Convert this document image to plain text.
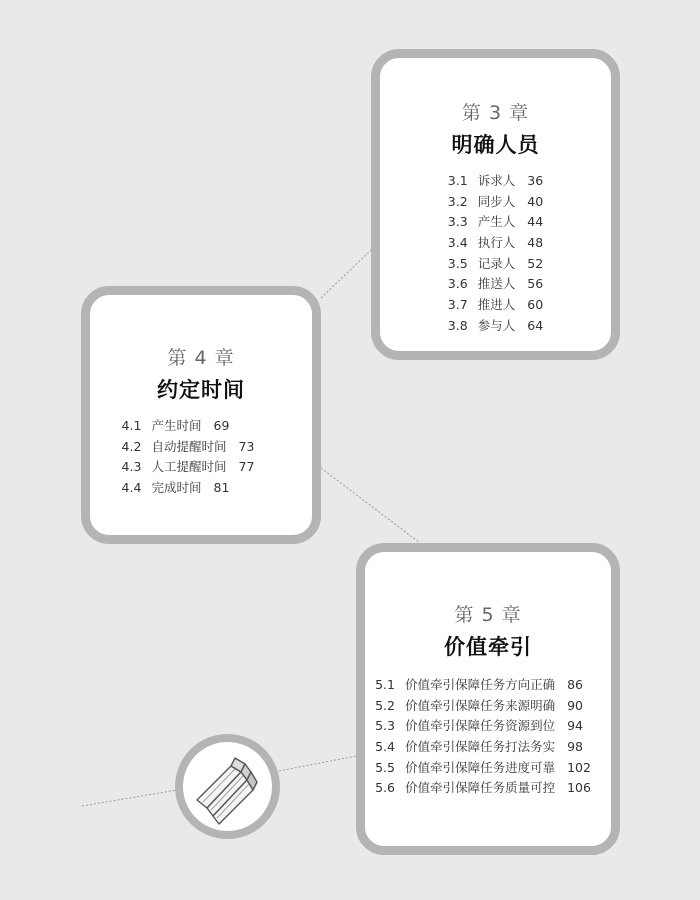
第 3 章
明确人员
3.1 诉求人 36
3.2 同步人 40
3.3 产生人 44
3.4 执行人 48
3.5 记录人 52
3.6 推送人 56
3.7 推进人 60
3.8 参与人 64
第 4 章
约定时间
4.1 产生时间 69
4.2 自动提醒时间 73
4.3 人工提醒时间 77
4.4 完成时间 81
第 5 章
价值牵引
5.1 价值牵引保障任务方向正确 86
5.2 价值牵引保障任务来源明确 90
5.3 价值牵引保障任务资源到位 94
5.4 价值牵引保障任务打法务实 98
5.5 价值牵引保障任务进度可靠 102
5.6 价值牵引保障任务质量可控 106
